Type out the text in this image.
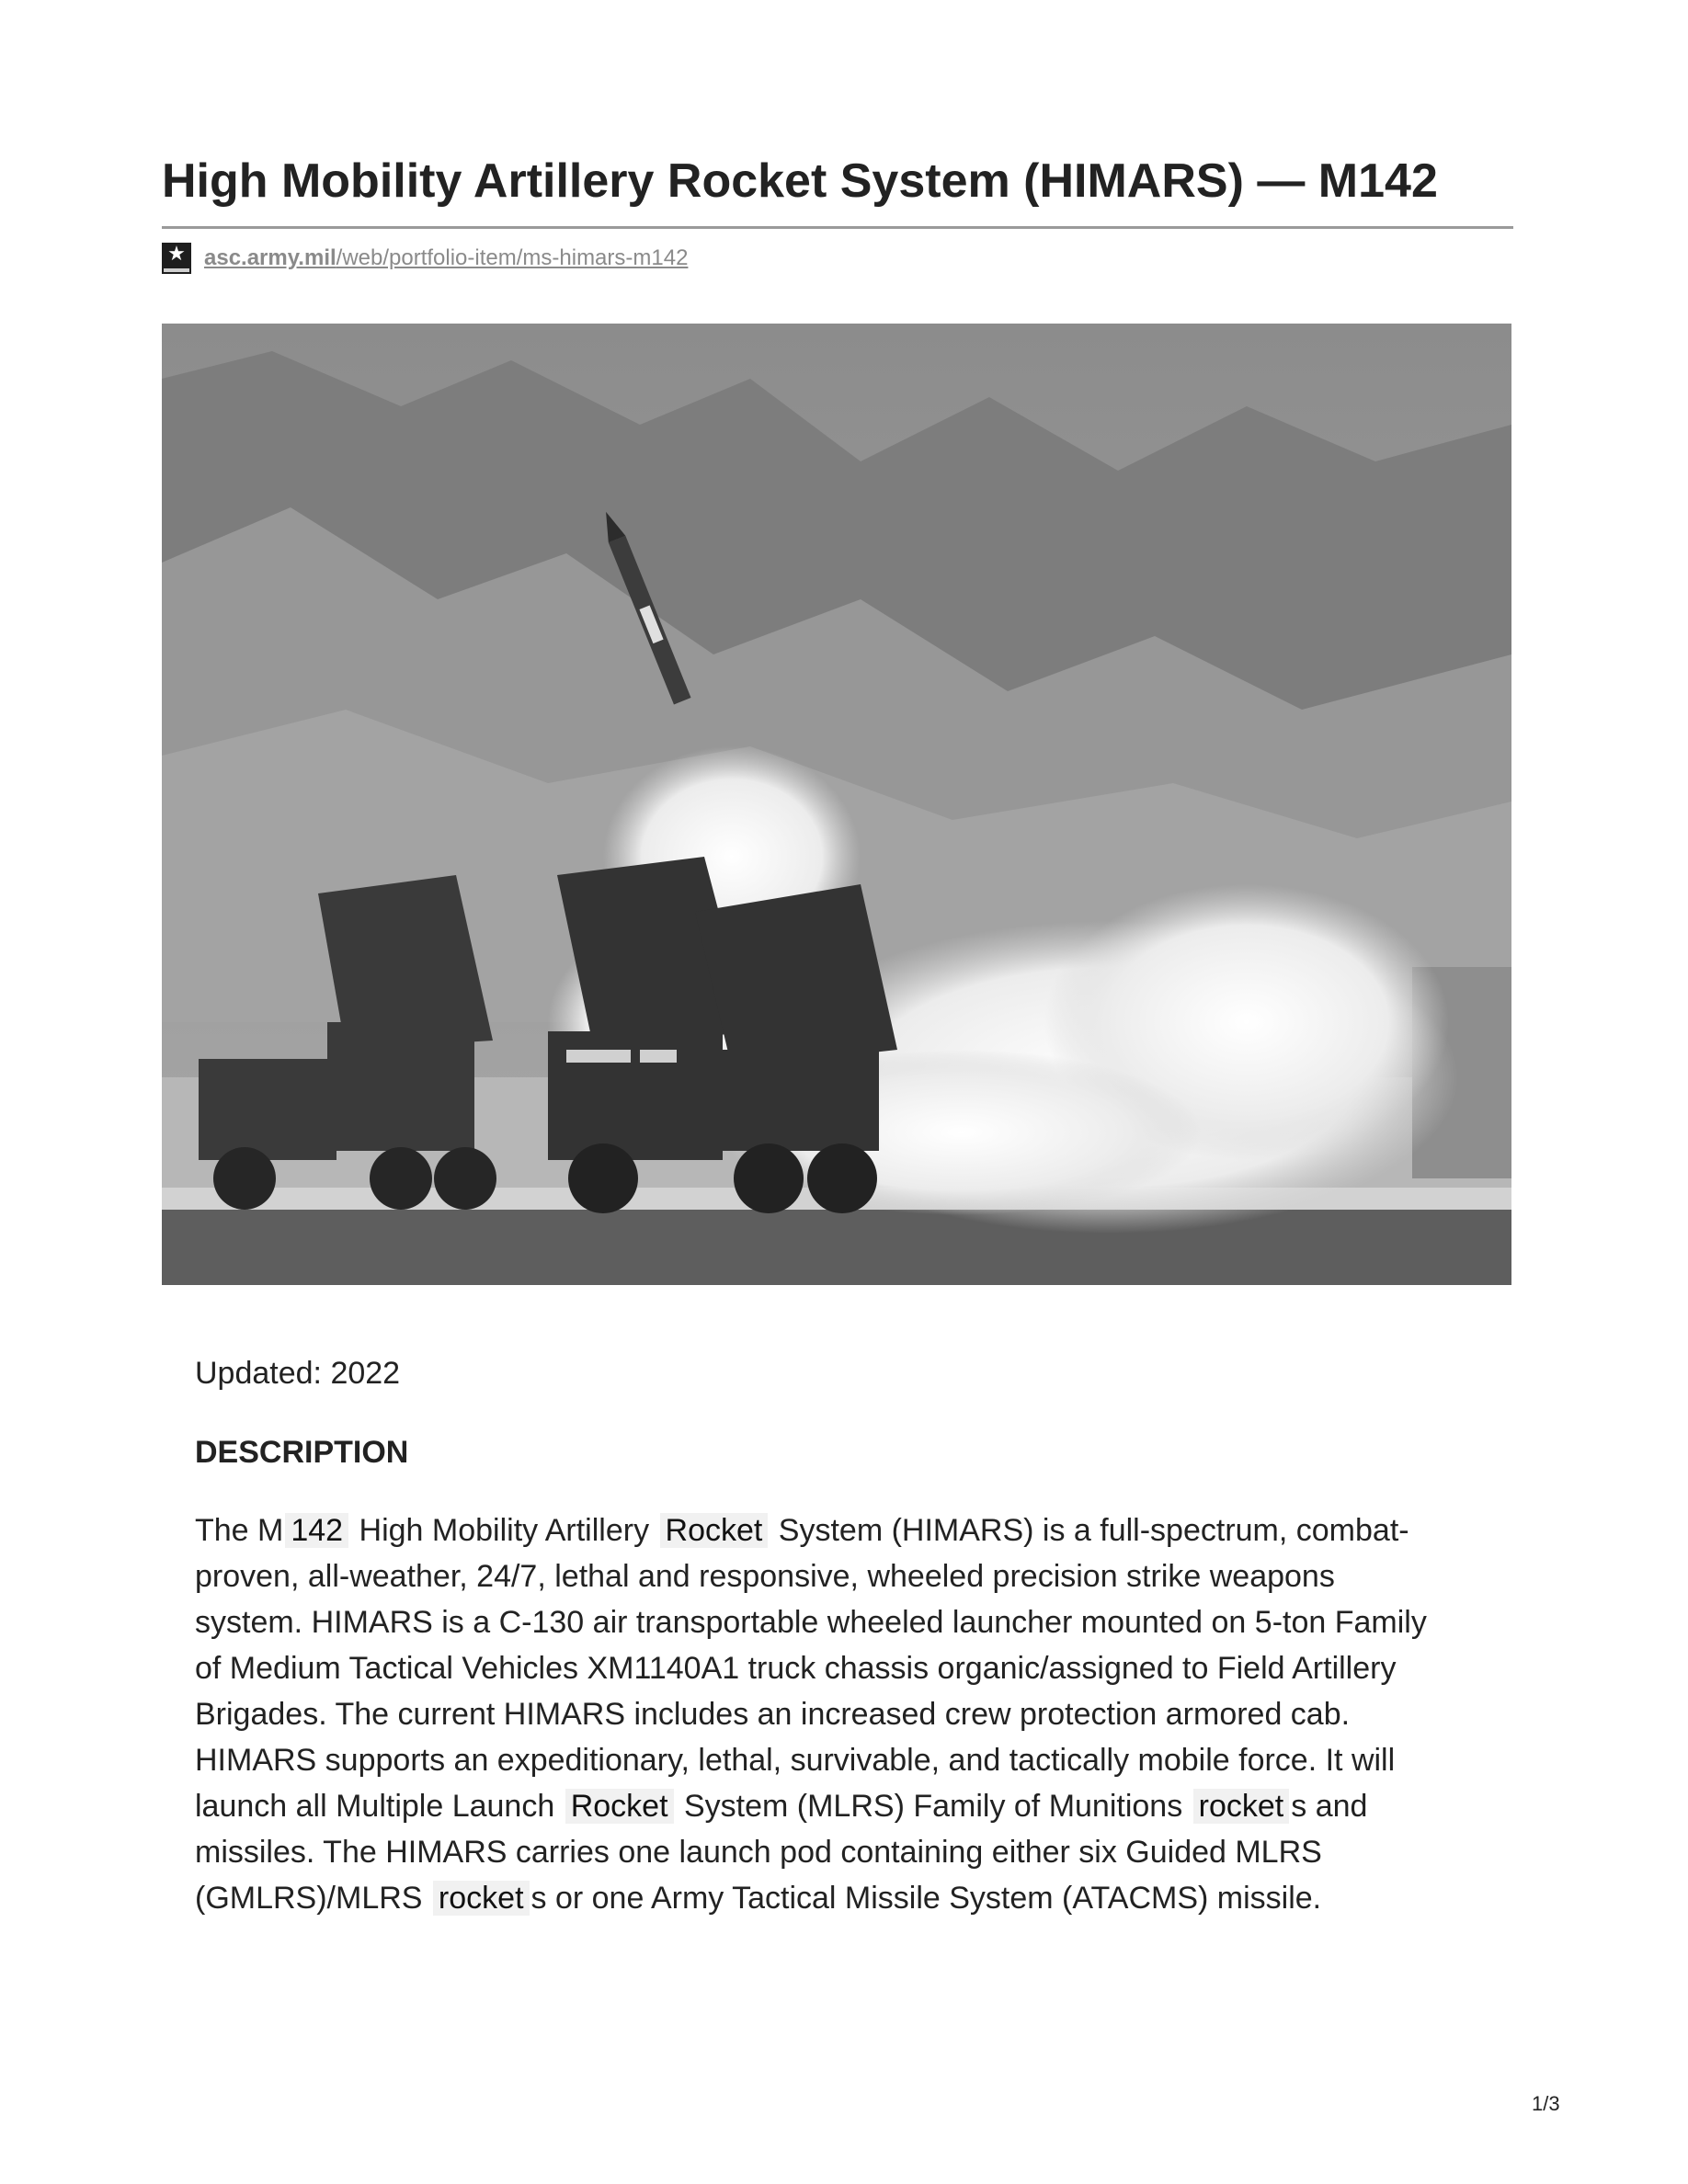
High Mobility Artillery Rocket System (HIMARS) — M142
★ asc.army.mil/web/portfolio-item/ms-himars-m142
Updated: 2022
DESCRIPTION
The M 142 High Mobility Artillery Rocket System (HIMARS) is a full-spectrum, combat-
proven, all-weather, 24/7, lethal and responsive, wheeled precision strike weapons
system. HIMARS is a C-130 air transportable wheeled launcher mounted on 5-ton Family
of Medium Tactical Vehicles XM1140A1 truck chassis organic/assigned to Field Artillery
Brigades. The current HIMARS includes an increased crew protection armored cab.
HIMARS supports an expeditionary, lethal, survivable, and tactically mobile force. It will
launch all Multiple Launch Rocket System (MLRS) Family of Munitions rocket s and
missiles. The HIMARS carries one launch pod containing either six Guided MLRS
(GMLRS)/MLRS rocket s or one Army Tactical Missile System (ATACMS) missile.
1/3
